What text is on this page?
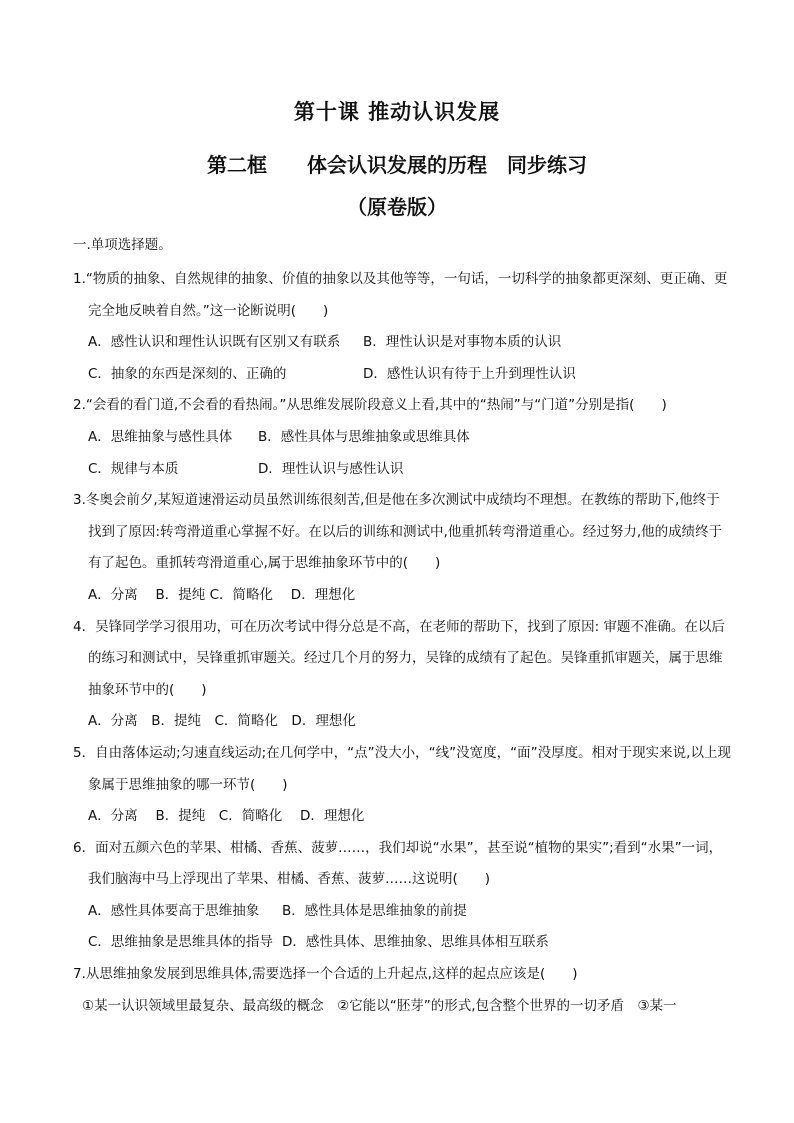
第十课 推动认识发展
第二框　　体会认识发展的历程　同步练习
（原卷版）
一.单项选择题。
1.“物质的抽象、自然规律的抽象、价值的抽象以及其他等等，一句话，一切科学的抽象都更深刻、更正确、更完全地反映着自然。”这一论断说明(　　)
A．感性认识和理性认识既有区别又有联系 B．理性认识是对事物本质的认识
C．抽象的东西是深刻的、正确的	D．感性认识有待于上升到理性认识
2.“会看的看门道,不会看的看热闹。”从思维发展阶段意义上看,其中的“热闹”与“门道”分别是指(　　)
A．思维抽象与感性具体 B．感性具体与思维抽象或思维具体
C．规律与本质	D．理性认识与感性认识
3.冬奥会前夕,某短道速滑运动员虽然训练很刻苦,但是他在多次测试中成绩均不理想。在教练的帮助下,他终于找到了原因:转弯滑道重心掌握不好。在以后的训练和测试中,他重抓转弯滑道重心。经过努力,他的成绩终于有了起色。重抓转弯滑道重心,属于思维抽象环节中的(　　)
A．分离　 B．提纯 C．简略化　 D．理想化
4．吴锋同学学习很用功，可在历次考试中得分总是不高，在老师的帮助下，找到了原因: 审题不准确。在以后的练习和测试中，吴锋重抓审题关。经过几个月的努力，吴锋的成绩有了起色。吴锋重抓审题关，属于思维抽象环节中的(　　)
A．分离　B．提纯　C．简略化　D．理想化
5．自由落体运动;匀速直线运动;在几何学中，“点”没大小，“线”没宽度，“面”没厚度。相对于现实来说,以上现象属于思维抽象的哪一环节(　　)
A．分离　 B．提纯　C．简略化　 D．理想化
6．面对五颜六色的苹果、柑橘、香蕉、菠萝……，我们却说“水果”，甚至说“植物的果实”;看到“水果”一词，我们脑海中马上浮现出了苹果、柑橘、香蕉、菠萝……这说明(　　)
A．感性具体要高于思维抽象 B．感性具体是思维抽象的前提
C．思维抽象是思维具体的指导 D．感性具体、思维抽象、思维具体相互联系
7.从思维抽象发展到思维具体,需要选择一个合适的上升起点,这样的起点应该是(　　)
①某一认识领域里最复杂、最高级的概念　②它能以“胚芽”的形式,包含整个世界的一切矛盾　③某一
